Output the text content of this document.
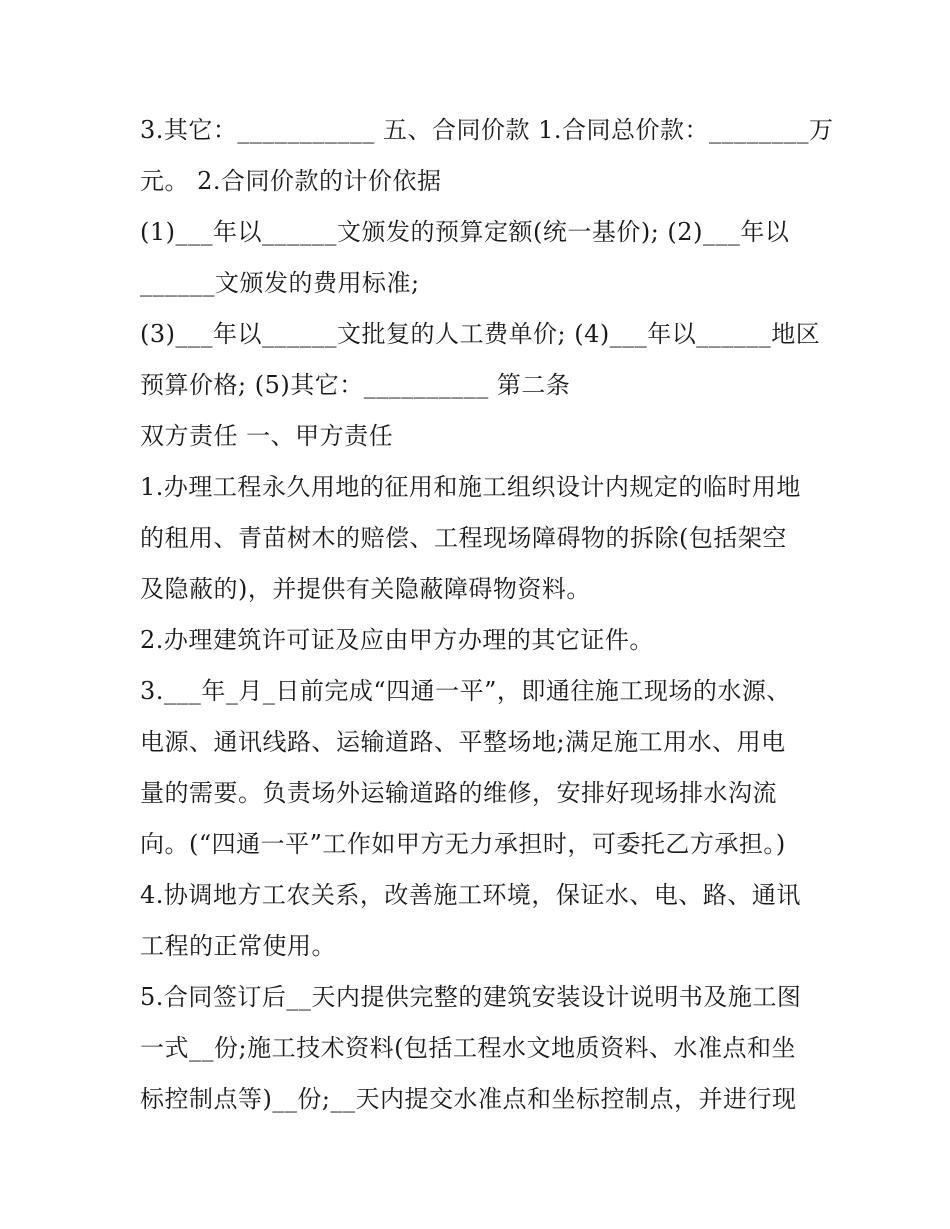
3.其它：___________ 五、合同价款 1.合同总价款：________万

元。 2.合同价款的计价依据

(1)___年以______文颁发的预算定额(统一基价); (2)___年以

______文颁发的费用标准;

(3)___年以______文批复的人工费单价; (4)___年以______地区

预算价格; (5)其它：__________ 第二条

双方责任 一、甲方责任

1.办理工程永久用地的征用和施工组织设计内规定的临时用地

的租用、青苗树木的赔偿、工程现场障碍物的拆除(包括架空

及隐蔽的)，并提供有关隐蔽障碍物资料。

2.办理建筑许可证及应由甲方办理的其它证件。

3.___年_月_日前完成“四通一平”，即通往施工现场的水源、

电源、通讯线路、运输道路、平整场地;满足施工用水、用电

量的需要。负责场外运输道路的维修，安排好现场排水沟流

向。(“四通一平”工作如甲方无力承担时，可委托乙方承担。)

4.协调地方工农关系，改善施工环境，保证水、电、路、通讯

工程的正常使用。

5.合同签订后__天内提供完整的建筑安装设计说明书及施工图

一式__份;施工技术资料(包括工程水文地质资料、水准点和坐

标控制点等)__份;__天内提交水准点和坐标控制点，并进行现
